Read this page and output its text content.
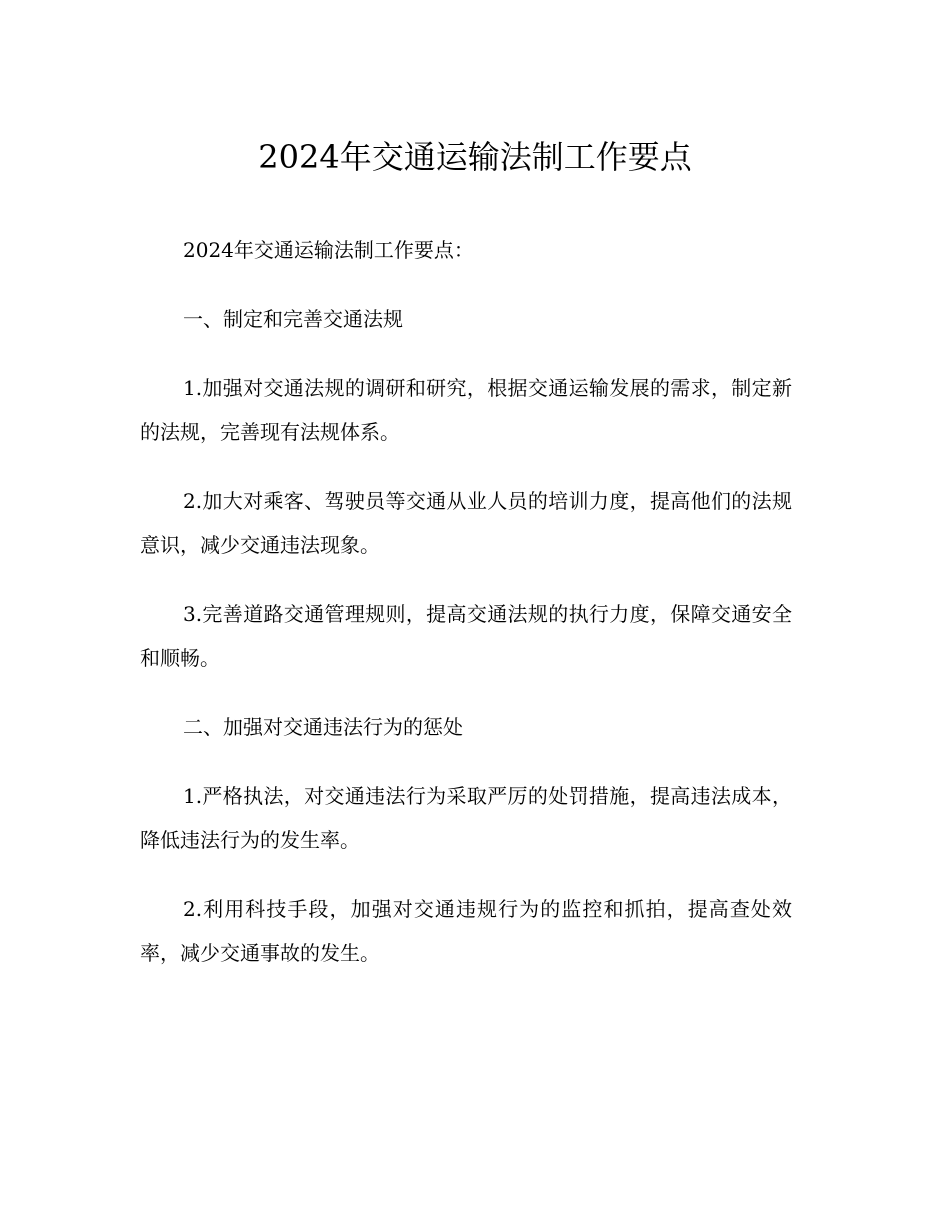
2024年交通运输法制工作要点

2024年交通运输法制工作要点：

一、制定和完善交通法规

1.加强对交通法规的调研和研究，根据交通运输发展的需求，制定新的法规，完善现有法规体系。

2.加大对乘客、驾驶员等交通从业人员的培训力度，提高他们的法规意识，减少交通违法现象。

3.完善道路交通管理规则，提高交通法规的执行力度，保障交通安全和顺畅。

二、加强对交通违法行为的惩处

1.严格执法，对交通违法行为采取严厉的处罚措施，提高违法成本，降低违法行为的发生率。

2.利用科技手段，加强对交通违规行为的监控和抓拍，提高查处效率，减少交通事故的发生。
